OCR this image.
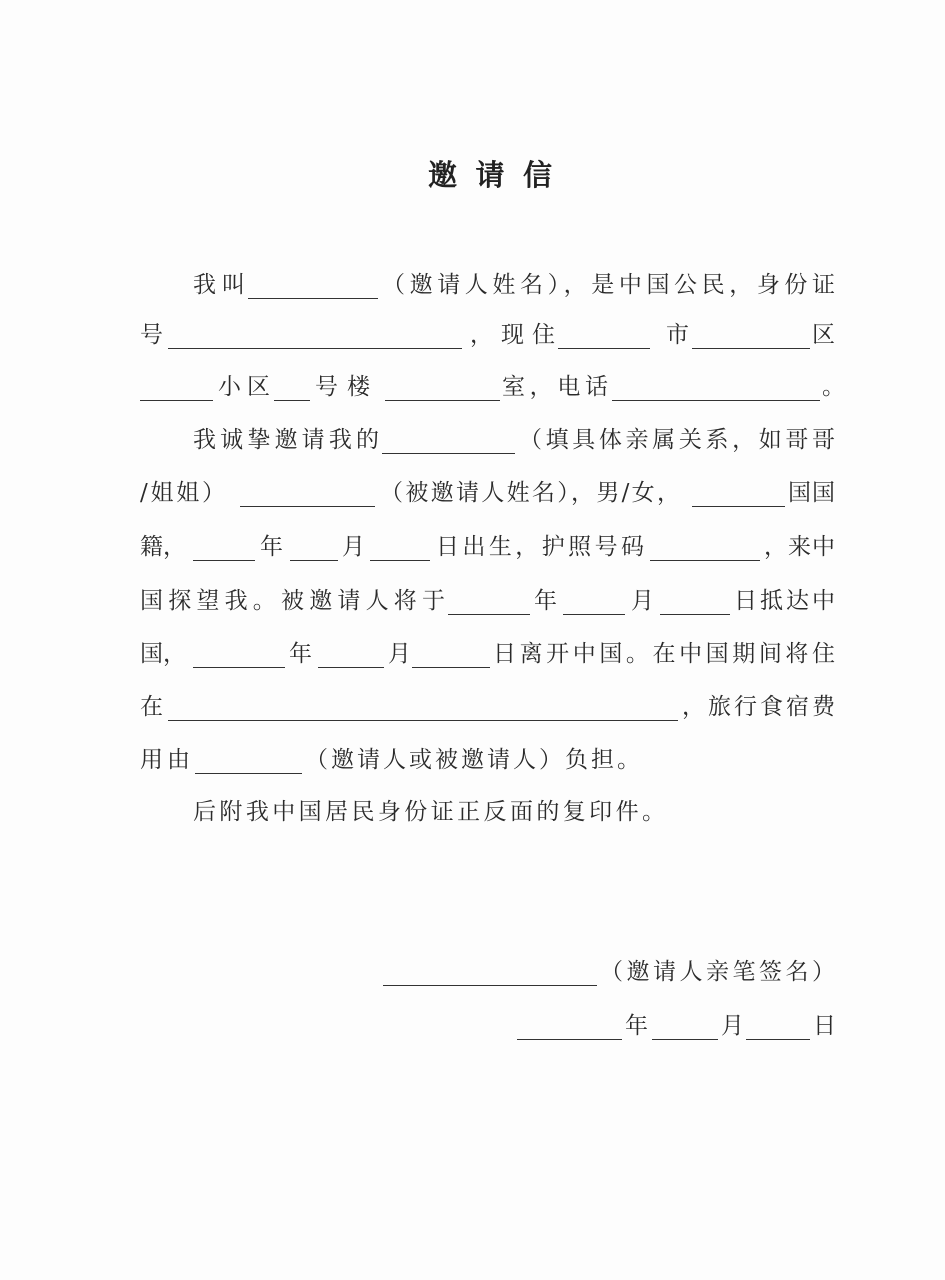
邀请信
我叫	（邀请人姓名），是中国公民，身份证
号	，现住	市	区
小区 号楼	室，电话	。
我诚挚邀请我的	（填具体亲属关系，如哥哥
/姐姐）	（被邀请人姓名），男/女，	国国
籍，	年	月	日出生，护照号码	，来中
国探望我。被邀请人将于	年	月	日抵达中
国，	年	月	日离开中国。在中国期间将住
在	，旅行食宿费
用由	（邀请人或被邀请人）负担。
后附我中国居民身份证正反面的复印件。
（邀请人亲笔签名）
年	月	日
